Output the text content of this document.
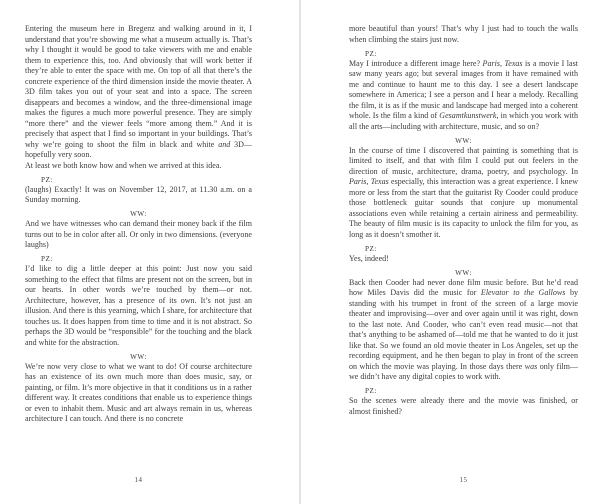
Entering the museum here in Bregenz and walking around in it, I understand that you’re showing me what a museum actually is. That’s why I thought it would be good to take viewers with me and enable them to experience this, too. And obviously that will work better if they’re able to enter the space with me. On top of all that there’s the concrete experience of the third dimension inside the movie theater. A 3D film takes you out of your seat and into a space. The screen disappears and becomes a window, and the three-dimensional image makes the figures a much more powerful presence. They are simply “more there” and the viewer feels “more among them.” And it is precisely that aspect that I find so important in your buildings. That’s why we’re going to shoot the film in black and white and 3D—hopefully very soon.

At least we both know how and when we arrived at this idea.

PZ:

(laughs) Exactly! It was on November 12, 2017, at 11.30 a.m. on a Sunday morning.

WW:

And we have witnesses who can demand their money back if the film turns out to be in color after all. Or only in two dimensions. (everyone laughs)

PZ:

I’d like to dig a little deeper at this point: Just now you said something to the effect that films are present not on the screen, but in our hearts. In other words we’re touched by them—or not. Architecture, however, has a presence of its own. It’s not just an illusion. And there is this yearning, which I share, for architecture that touches us. It does happen from time to time and it is not abstract. So perhaps the 3D would be “responsible” for the touching and the black and white for the abstraction.

WW:

We’re now very close to what we want to do! Of course architecture has an existence of its own much more than does music, say, or painting, or film. It’s more objective in that it conditions us in a rather different way. It creates conditions that enable us to experience things or even to inhabit them. Music and art always remain in us, whereas architecture I can touch. And there is no concrete

14

more beautiful than yours! That’s why I just had to touch the walls when climbing the stairs just now.

PZ:

May I introduce a different image here? Paris, Texas is a movie I last saw many years ago; but several images from it have remained with me and continue to haunt me to this day. I see a desert landscape somewhere in America; I see a person and I hear a melody. Recalling the film, it is as if the music and landscape had merged into a coherent whole. Is the film a kind of Gesamtkunstwerk, in which you work with all the arts—including with architecture, music, and so on?

WW:

In the course of time I discovered that painting is something that is limited to itself, and that with film I could put out feelers in the direction of music, architecture, drama, poetry, and psychology. In Paris, Texas especially, this interaction was a great experience. I knew more or less from the start that the guitarist Ry Cooder could produce those bottleneck guitar sounds that conjure up monumental associations even while retaining a certain airiness and permeability. The beauty of film music is its capacity to unlock the film for you, as long as it doesn’t smother it.

PZ:

Yes, indeed!

WW:

Back then Cooder had never done film music before. But he’d read how Miles Davis did the music for Elevator to the Gallows by standing with his trumpet in front of the screen of a large movie theater and improvising—over and over again until it was right, down to the last note. And Cooder, who can’t even read music—not that that’s anything to be ashamed of—told me that he wanted to do it just like that. So we found an old movie theater in Los Angeles, set up the recording equipment, and he then began to play in front of the screen on which the movie was playing. In those days there was only film—we didn’t have any digital copies to work with.

PZ:

So the scenes were already there and the movie was finished, or almost finished?

15
